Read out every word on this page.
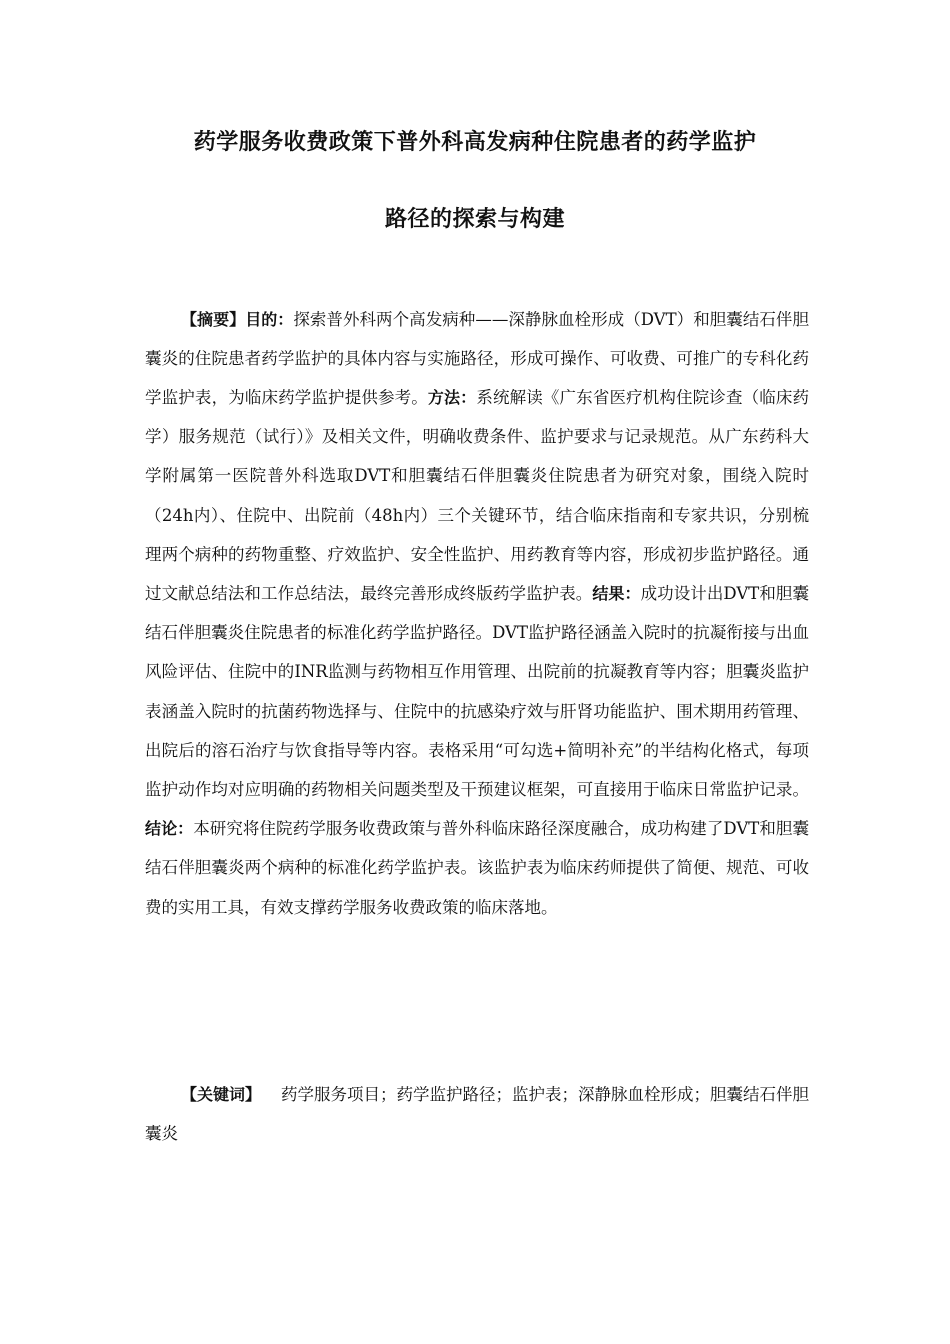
药学服务收费政策下普外科高发病种住院患者的药学监护
路径的探索与构建

【摘要】目的：探索普外科两个高发病种——深静脉血栓形成（DVT）和胆囊结石伴胆囊炎的住院患者药学监护的具体内容与实施路径，形成可操作、可收费、可推广的专科化药学监护表，为临床药学监护提供参考。方法：系统解读《广东省医疗机构住院诊查（临床药学）服务规范（试行）》及相关文件，明确收费条件、监护要求与记录规范。从广东药科大学附属第一医院普外科选取DVT和胆囊结石伴胆囊炎住院患者为研究对象，围绕入院时（24h内）、住院中、出院前（48h内）三个关键环节，结合临床指南和专家共识，分别梳理两个病种的药物重整、疗效监护、安全性监护、用药教育等内容，形成初步监护路径。通过文献总结法和工作总结法，最终完善形成终版药学监护表。结果：成功设计出DVT和胆囊结石伴胆囊炎住院患者的标准化药学监护路径。DVT监护路径涵盖入院时的抗凝衔接与出血风险评估、住院中的INR监测与药物相互作用管理、出院前的抗凝教育等内容；胆囊炎监护表涵盖入院时的抗菌药物选择与、住院中的抗感染疗效与肝肾功能监护、围术期用药管理、出院后的溶石治疗与饮食指导等内容。表格采用“可勾选+简明补充”的半结构化格式，每项监护动作均对应明确的药物相关问题类型及干预建议框架，可直接用于临床日常监护记录。结论：本研究将住院药学服务收费政策与普外科临床路径深度融合，成功构建了DVT和胆囊结石伴胆囊炎两个病种的标准化药学监护表。该监护表为临床药师提供了简便、规范、可收费的实用工具，有效支撑药学服务收费政策的临床落地。

【关键词】 药学服务项目；药学监护路径；监护表；深静脉血栓形成；胆囊结石伴胆囊炎
